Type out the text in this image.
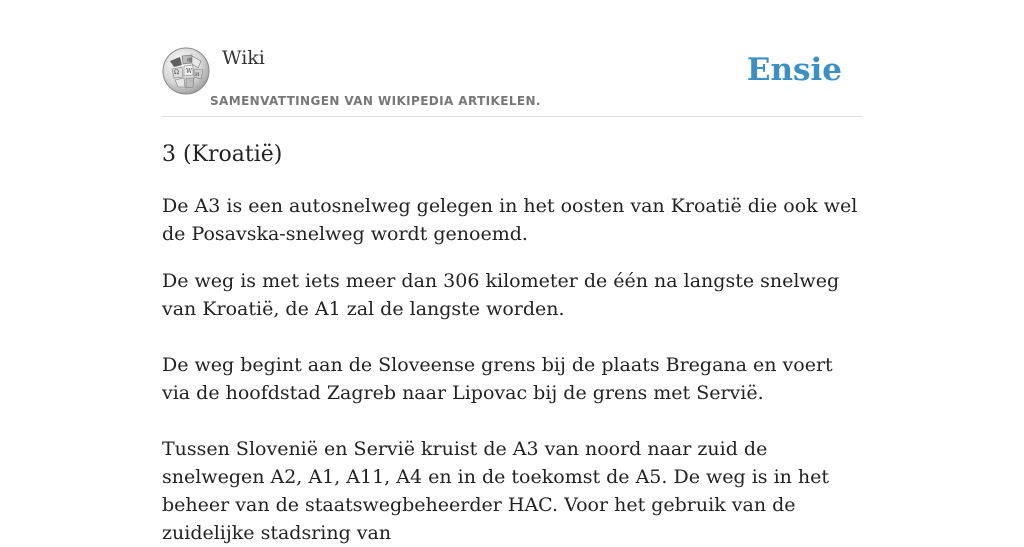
Ω W И
维 Wiki
SAMENVATTINGEN VAN WIKIPEDIA ARTIKELEN.
Ensie
3 (Kroatië)

De A3 is een autosnelweg gelegen in het oosten van Kroatië die ook wel de Posavska-snelweg wordt genoemd.

De weg is met iets meer dan 306 kilometer de één na langste snelweg van Kroatië, de A1 zal de langste worden.

De weg begint aan de Sloveense grens bij de plaats Bregana en voert via de hoofdstad Zagreb naar Lipovac bij de grens met Servië.

Tussen Slovenië en Servië kruist de A3 van noord naar zuid de snelwegen A2, A1, A11, A4 en in de toekomst de A5. De weg is in het beheer van de staatswegbeheerder HAC. Voor het gebruik van de zuidelijke stadsring van
